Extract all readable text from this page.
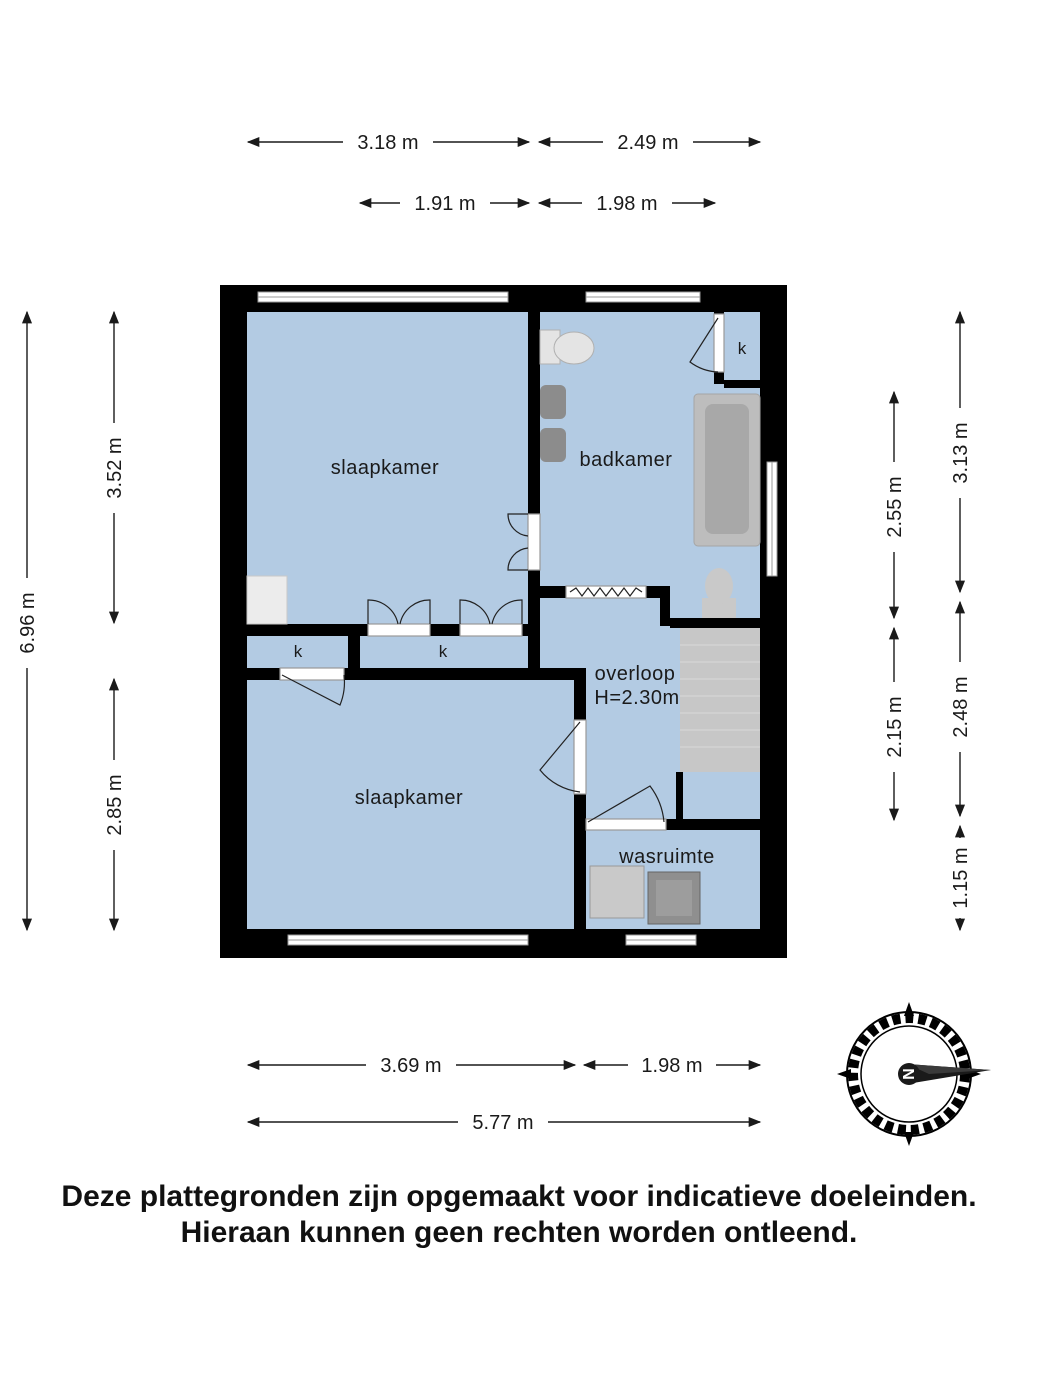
3.18 m	2.49 m
1.91 m	1.98 m
3.69 m	1.98 m
5.77 m
6.96 m
3.52 m
2.85 m
2.55 m
2.15 m
3.13 m
2.48 m
1.15 m
slaapkamer	badkamer
slaapkamer
overloop
H=2.30m
wasruimte
k
k	k
N
Deze plattegronden zijn opgemaakt voor indicatieve doeleinden.
Hieraan kunnen geen rechten worden ontleend.
